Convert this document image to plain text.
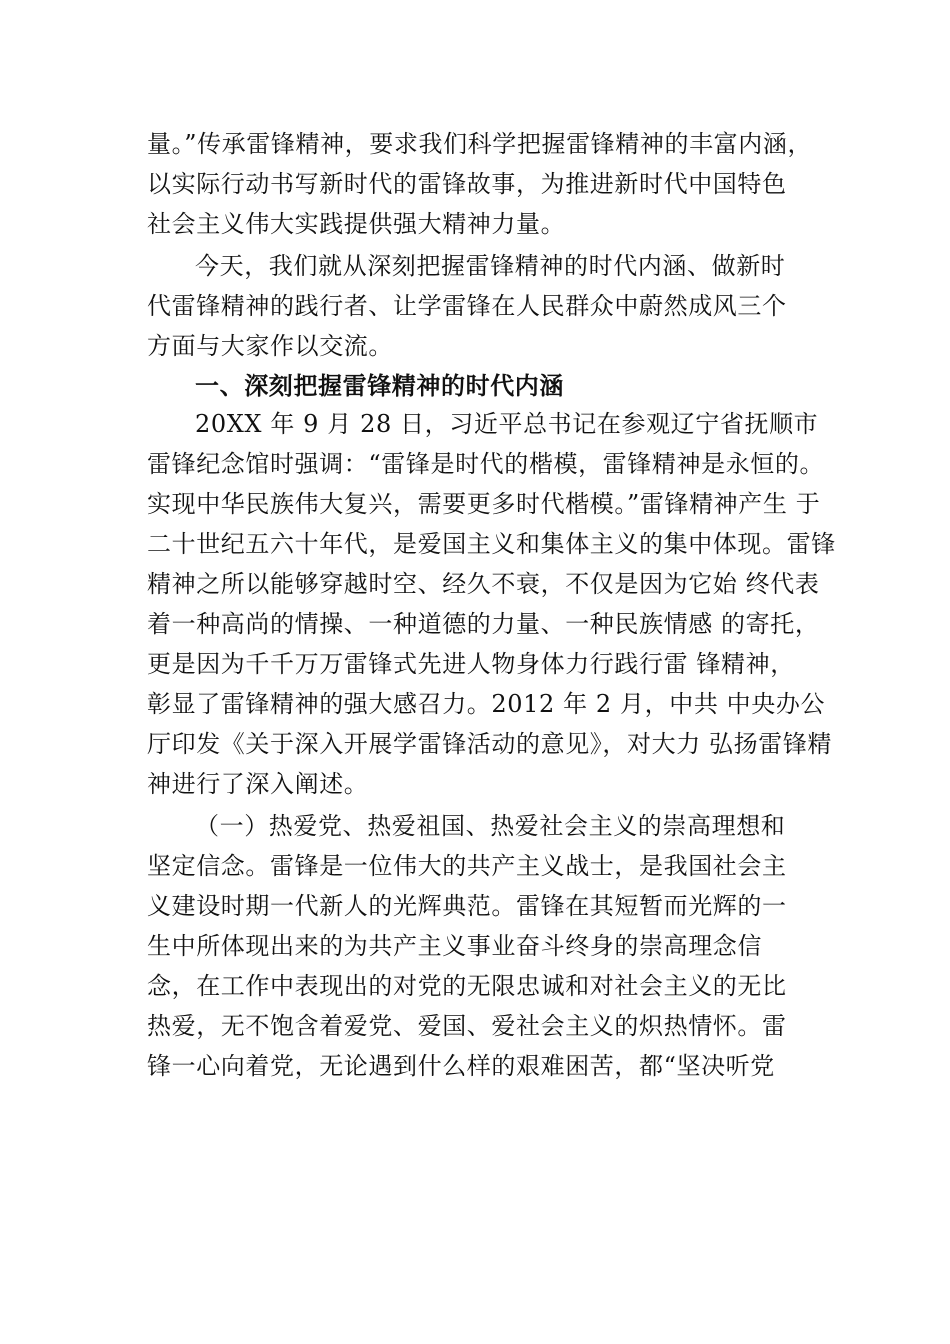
量。”传承雷锋精神，要求我们科学把握雷锋精神的丰富内涵，
以实际行动书写新时代的雷锋故事，为推进新时代中国特色
社会主义伟大实践提供强大精神力量。
今天，我们就从深刻把握雷锋精神的时代内涵、做新时
代雷锋精神的践行者、让学雷锋在人民群众中蔚然成风三个
方面与大家作以交流。
一、深刻把握雷锋精神的时代内涵
20XX 年 9 月 28 日，习近平总书记在参观辽宁省抚顺市
雷锋纪念馆时强调：“雷锋是时代的楷模，雷锋精神是永恒的。
实现中华民族伟大复兴，需要更多时代楷模。”雷锋精神产生 于
二十世纪五六十年代，是爱国主义和集体主义的集中体现。雷锋
精神之所以能够穿越时空、经久不衰，不仅是因为它始 终代表
着一种高尚的情操、一种道德的力量、一种民族情感 的寄托，
更是因为千千万万雷锋式先进人物身体力行践行雷 锋精神，
彰显了雷锋精神的强大感召力。2012 年 2 月，中共 中央办公
厅印发《关于深入开展学雷锋活动的意见》，对大力 弘扬雷锋精
神进行了深入阐述。
（一）热爱党、热爱祖国、热爱社会主义的崇高理想和
坚定信念。雷锋是一位伟大的共产主义战士，是我国社会主
义建设时期一代新人的光辉典范。雷锋在其短暂而光辉的一
生中所体现出来的为共产主义事业奋斗终身的崇高理念信
念，在工作中表现出的对党的无限忠诚和对社会主义的无比
热爱，无不饱含着爱党、爱国、爱社会主义的炽热情怀。雷
锋一心向着党，无论遇到什么样的艰难困苦，都“坚决听党
